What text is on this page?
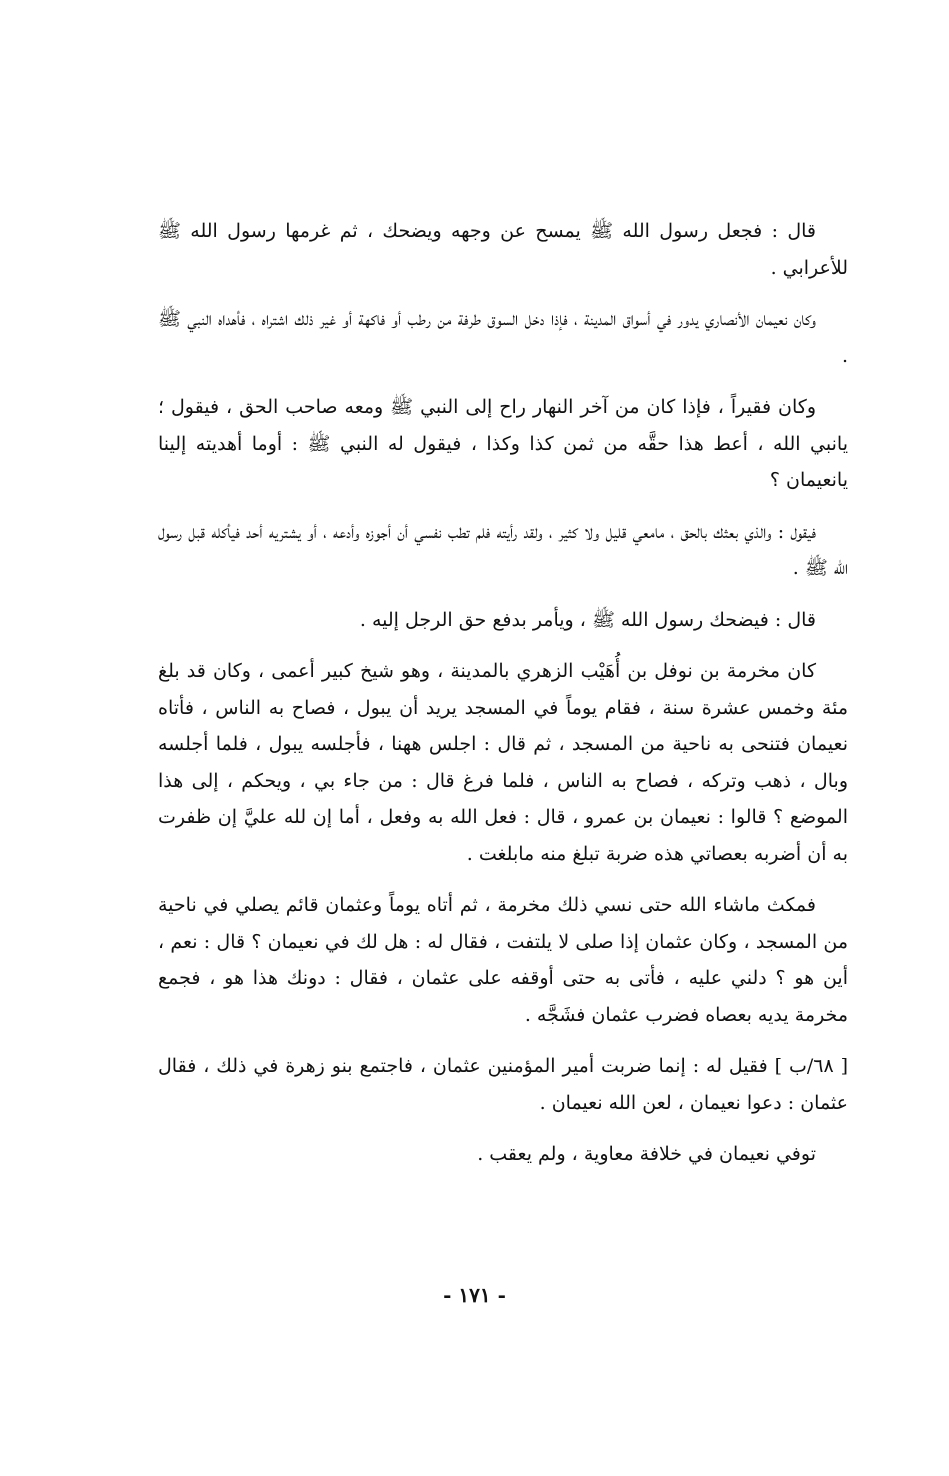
قال : فجعل رسول الله ﷺ يمسح عن وجهه ويضحك ، ثم غرمها رسول الله ﷺ للأعرابي .

وكان نعيمان الأنصاري يدور في أسواق المدينة ، فإذا دخل السوق طرفة من رطب أو فاكهة أو غير ذلك اشتراه ، فأهداه النبي ﷺ .

وكان فقيراً ، فإذا كان من آخر النهار راح إلى النبي ﷺ ومعه صاحب الحق ، فيقول ؛ يانبي الله ، أعط هذا حقَّه من ثمن كذا وكذا ، فيقول له النبي ﷺ : أوما أهديته إلينا يانعيمان ؟

فيقول : والذي بعثك بالحق ، مامعي قليل ولا كثير ، ولقد رأيته فلم تطب نفسي أن أجوزه وأدعه ، أو يشتريه أحد فيأكله قبل رسول الله ﷺ .

قال : فيضحك رسول الله ﷺ ، ويأمر بدفع حق الرجل إليه .

كان مخرمة بن نوفل بن أُهَيْب الزهري بالمدينة ، وهو شيخ كبير أعمى ، وكان قد بلغ مئة وخمس عشرة سنة ، فقام يوماً في المسجد يريد أن يبول ، فصاح به الناس ، فأتاه نعيمان فتنحى به ناحية من المسجد ، ثم قال : اجلس ههنا ، فأجلسه يبول ، فلما أجلسه وبال ، ذهب وتركه ، فصاح به الناس ، فلما فرغ قال : من جاء بي ، ويحكم ، إلى هذا الموضع ؟ قالوا : نعيمان بن عمرو ، قال : فعل الله به وفعل ، أما إن لله عليَّ إن ظفرت به أن أضربه بعصاتي هذه ضربة تبلغ منه مابلغت .

فمكث ماشاء الله حتى نسي ذلك مخرمة ، ثم أتاه يوماً وعثمان قائم يصلي في ناحية من المسجد ، وكان عثمان إذا صلى لا يلتفت ، فقال له : هل لك في نعيمان ؟ قال : نعم ، أين هو ؟ دلني عليه ، فأتى به حتى أوقفه على عثمان ، فقال : دونك هذا هو ، فجمع مخرمة يديه بعصاه فضرب عثمان فشَجَّه .

[ ٦٨/ب ] فقيل له : إنما ضربت أمير المؤمنين عثمان ، فاجتمع بنو زهرة في ذلك ، فقال عثمان : دعوا نعيمان ، لعن الله نعيمان .

توفي نعيمان في خلافة معاوية ، ولم يعقب .

- ١٧١ -
